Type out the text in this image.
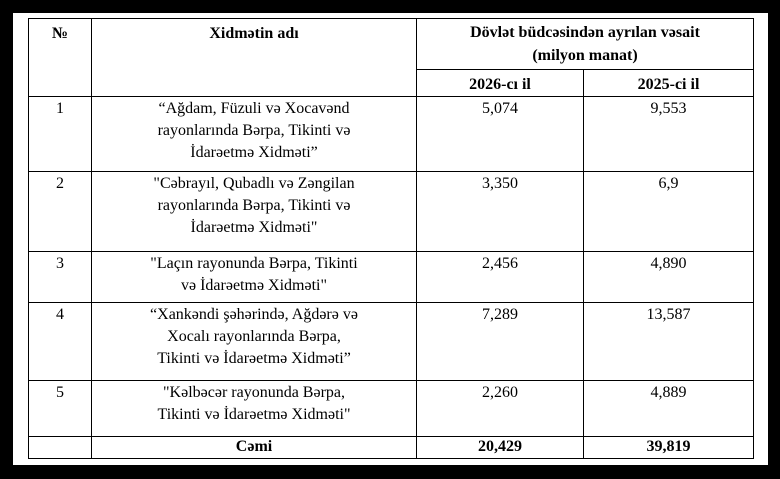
№	Xidmətin adı	Dövlət büdcəsindən ayrılan vəsait
(milyon manat)	

		2026-cı il	2025-ci il
1	“Ağdam, Füzuli və Xocavənd
rayonlarında Bərpa, Tikinti və
İdarəetmə Xidməti”	5,074	9,553
2	"Cəbrayıl, Qubadlı və Zəngilan
rayonlarında Bərpa, Tikinti və
İdarəetmə Xidməti"	3,350	6,9
3	"Laçın rayonunda Bərpa, Tikinti
və İdarəetmə Xidməti"	2,456	4,890
4	“Xankəndi şəhərində, Ağdərə və
Xocalı rayonlarında Bərpa,
Tikinti və İdarəetmə Xidməti”	7,289	13,587
5	"Kəlbəcər rayonunda Bərpa,
Tikinti və İdarəetmə Xidməti"	2,260	4,889
	Cəmi	20,429	39,819
